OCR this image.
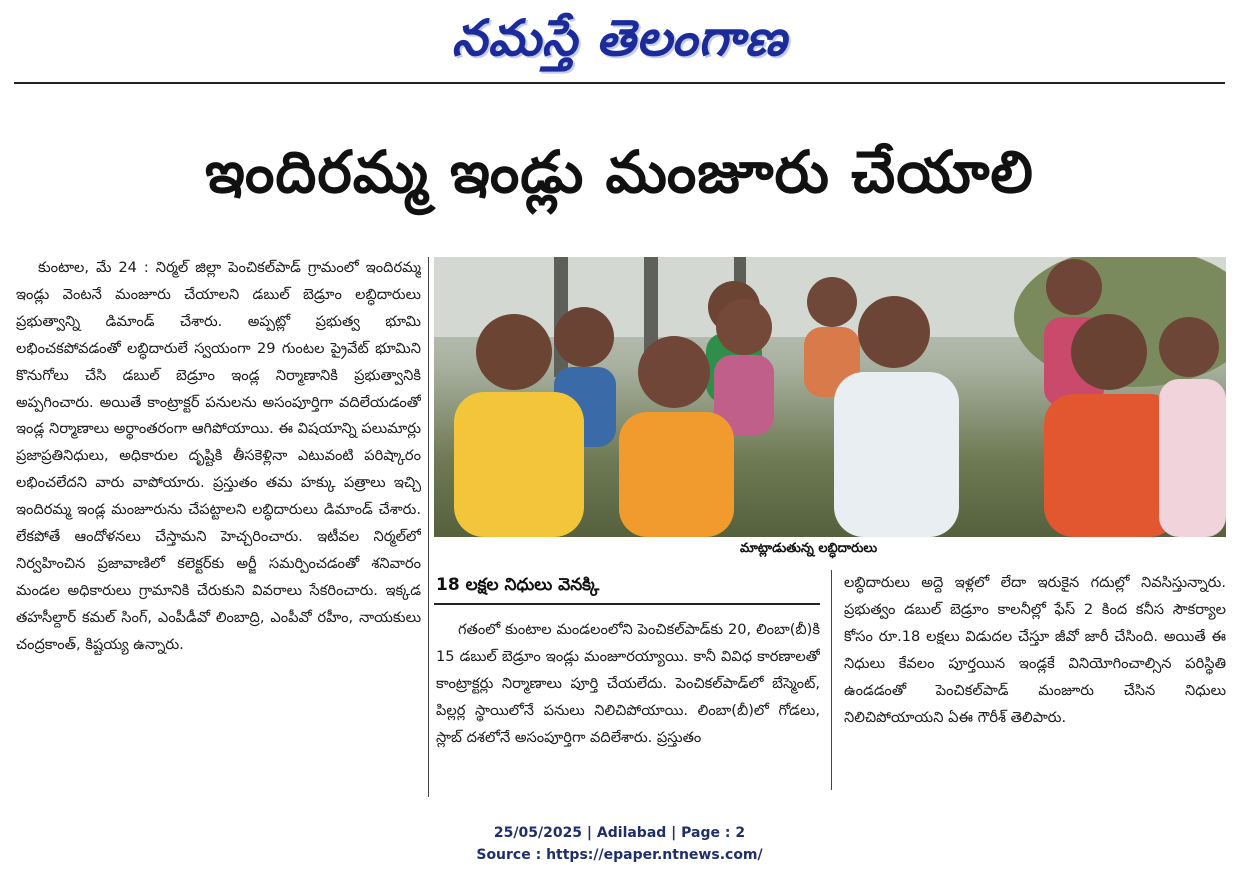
నమస్తే తెలంగాణ
ఇందిరమ్మ ఇండ్లు మంజూరు చేయాలి

కుంటాల, మే 24 : నిర్మల్‌ జిల్లా పెంచికల్‌పాడ్‌ గ్రామంలో ఇందిరమ్మ ఇండ్లు వెంటనే మంజూరు చేయాలని డబుల్‌ బెడ్రూం లబ్ధిదారులు ప్రభుత్వాన్ని డిమాండ్‌ చేశారు. అప్పట్లో ప్రభుత్వ భూమి లభించకపోవడంతో లబ్ధిదారులే స్వయంగా 29 గుంటల ప్రైవేట్‌ భూమిని కొనుగోలు చేసి డబుల్‌ బెడ్రూం ఇండ్ల నిర్మాణానికి ప్రభుత్వానికి అప్పగించారు. అయితే కాంట్రాక్టర్‌ పనులను అసంపూర్తిగా వదిలేయడంతో ఇండ్ల నిర్మాణాలు అర్థాంతరంగా ఆగిపోయాయి. ఈ విషయాన్ని పలుమార్లు ప్రజాప్రతినిధులు, అధికారుల దృష్టికి తీసకెళ్లినా ఎటువంటి పరిష్కారం లభించలేదని వారు వాపోయారు. ప్రస్తుతం తమ హక్కు పత్రాలు ఇచ్చి ఇందిరమ్మ ఇండ్ల మంజూరును చేపట్టాలని లబ్ధిదారులు డిమాండ్‌ చేశారు. లేకపోతే ఆందోళనలు చేస్తామని హెచ్చరించారు. ఇటీవల నిర్మల్‌లో నిర్వహించిన ప్రజావాణిలో కలెక్టర్‌కు అర్జీ సమర్పించడంతో శనివారం మండల అధికారులు గ్రామానికి చేరుకుని వివరాలు సేకరించారు. ఇక్కడ తహసీల్దార్‌ కమల్‌ సింగ్‌, ఎంపీడీవో లింబాద్రి, ఎంపీవో రహీం, నాయకులు చంద్రకాంత్‌, కిష్టయ్య ఉన్నారు.

మాట్లాడుతున్న లబ్ధిదారులు
18 లక్షల నిధులు వెనక్కి

గతంలో కుంటాల మండలంలోని పెంచికల్‌పాడ్‌కు 20, లింబా(బీ)కి 15 డబుల్‌ బెడ్రూం ఇండ్లు మంజూరయ్యాయి. కానీ వివిధ కారణాలతో కాంట్రాక్టర్లు నిర్మాణాలు పూర్తి చేయలేదు. పెంచికల్‌పాడ్‌లో బేస్మెంట్‌, పిల్లర్ల స్థాయిలోనే పనులు నిలిచిపోయాయి. లింబా(బీ)లో గోడలు, స్లాబ్‌ దశలోనే అసంపూర్తిగా వదిలేశారు. ప్రస్తుతం

లబ్ధిదారులు అద్దె ఇళ్లలో లేదా ఇరుకైన గదుల్లో నివసిస్తున్నారు. ప్రభుత్వం డబుల్‌ బెడ్రూం కాలనీల్లో ఫేస్‌ 2 కింద కనీస సౌకర్యాల కోసం రూ.18 లక్షలు విడుదల చేస్తూ జీవో జారీ చేసింది. అయితే ఈ నిధులు కేవలం పూర్తయిన ఇండ్లకే వినియోగించాల్సిన పరిస్థితి ఉండడంతో పెంచికల్‌పాడ్‌ మంజూరు చేసిన నిధులు నిలిచిపోయాయని ఏఈ గౌరీశ్‌ తెలిపారు.

25/05/2025 | Adilabad | Page : 2
Source : https://epaper.ntnews.com/
